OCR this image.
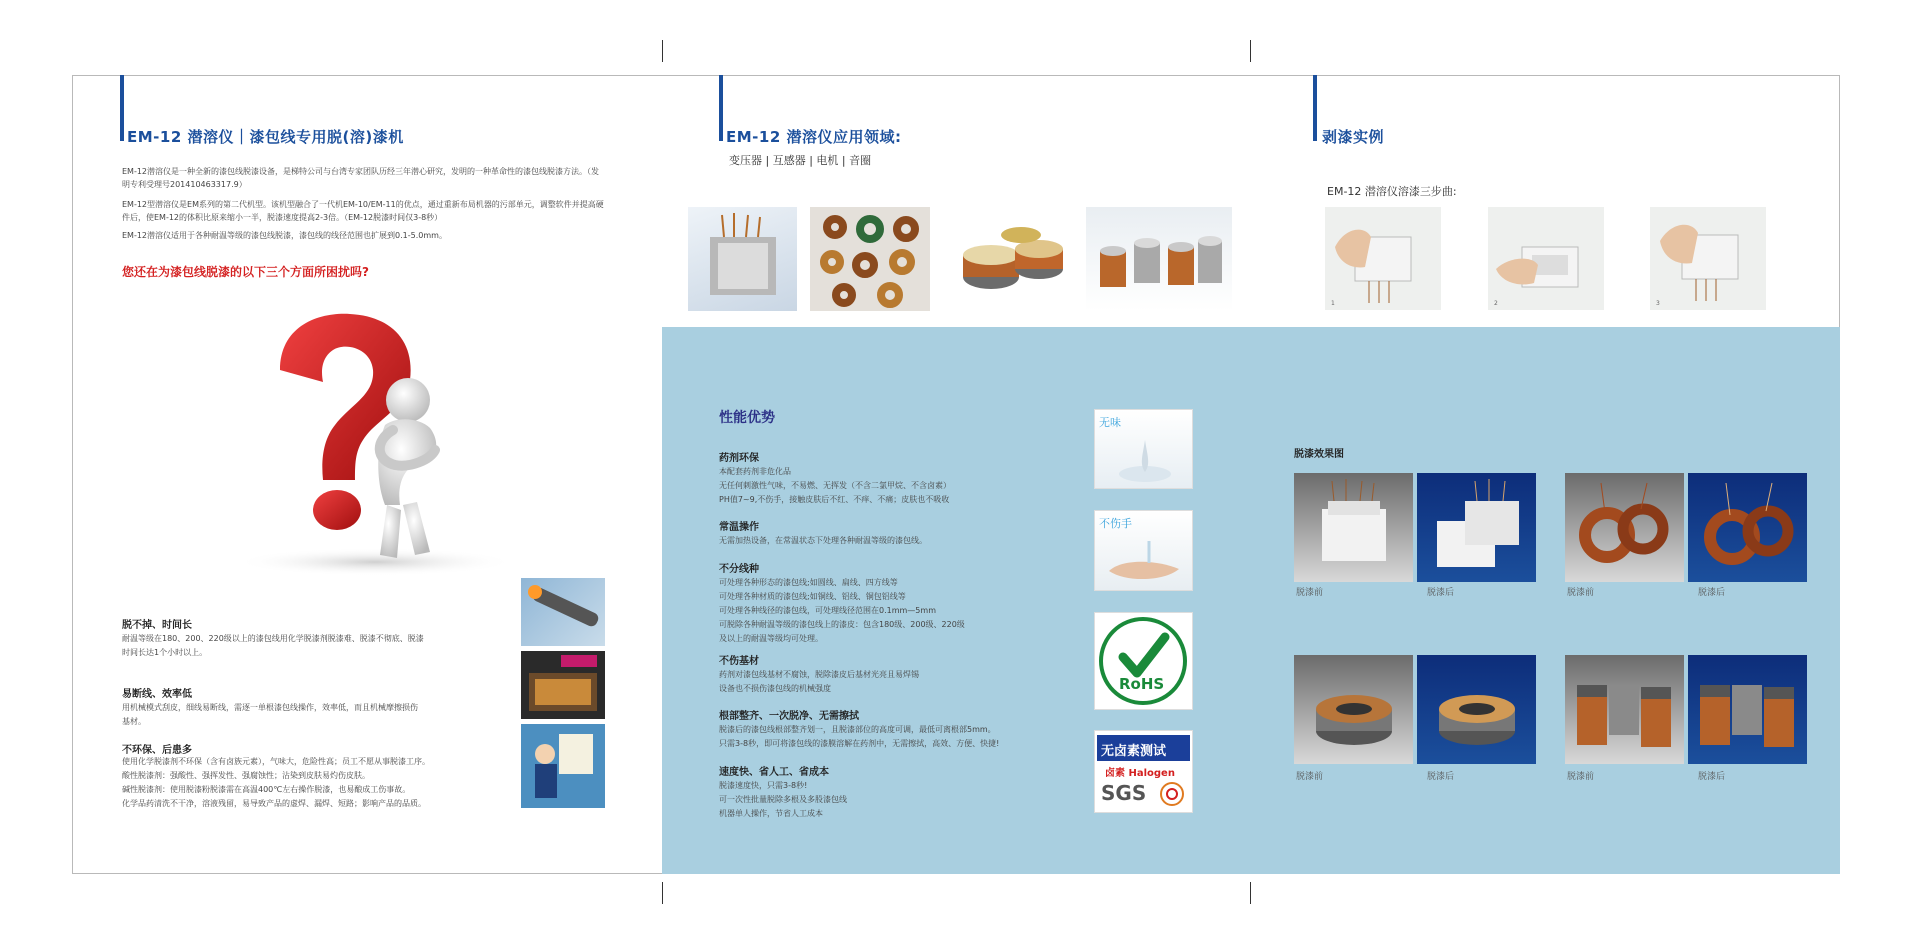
EM-12 潜溶仪｜漆包线专用脱(溶)漆机
EM-12潜溶仪是一种全新的漆包线脱漆设备，是梯特公司与台湾专家团队历经三年潜心研究，发明的一种革命性的漆包线脱漆方法。（发明专利受理号201410463317.9）
EM-12型潜溶仪是EM系列的第二代机型。该机型融合了一代机EM-10/EM-11的优点，通过重新布局机器的污部单元，调整软件并提高硬件后，使EM-12的体积比原来缩小一半，脱漆速度提高2-3倍。（EM-12脱漆时间仅3-8秒）
EM-12潜溶仪适用于各种耐温等级的漆包线脱漆，漆包线的线径范围也扩展到0.1-5.0mm。
您还在为漆包线脱漆的以下三个方面所困扰吗?
脱不掉、时间长
耐温等级在180、200、220级以上的漆包线用化学脱漆剂脱漆难、脱漆不彻底、脱漆
时间长达1个小时以上。
易断线、效率低
用机械模式刮皮，细线易断线，需逐一单根漆包线操作，效率低，而且机械摩擦损伤
基材。
不环保、后患多
使用化学脱漆剂不环保（含有卤族元素），气味大，危险性高；员工不愿从事脱漆工序。
酸性脱漆剂：强酸性、强挥发性、强腐蚀性；沾染到皮肤易灼伤皮肤。
碱性脱漆剂：使用脱漆粉脱漆需在高温400℃左右操作脱漆，也易酿成工伤事故。
化学品药清洗不干净，溶液残留，易导致产品的虚焊、漏焊、短路；影响产品的品质。
EM-12 潜溶仪应用领域:
变压器 | 互感器 | 电机 | 音圈
剥漆实例
EM-12 潜溶仪溶漆三步曲:
1	2	3
性能优势
药剂环保
本配套药剂非危化品
无任何刺激性气味，不易燃、无挥发（不含二氯甲烷、不含卤素）
PH值7~9,不伤手，接触皮肤后不红、不痒、不痛；皮肤也不吸收
常温操作
无需加热设备，在常温状态下处理各种耐温等级的漆包线。
不分线种
可处理各种形态的漆包线;如圆线、扁线、四方线等
可处理各种材质的漆包线;如铜线、铝线、铜包铝线等
可处理各种线径的漆包线，可处理线径范围在0.1mm—5mm
可脱除各种耐温等级的漆包线上的漆皮：包含180级、200级、220级
及以上的耐温等级均可处理。
不伤基材
药剂对漆包线基材不腐蚀，脱除漆皮后基材光亮且易焊锡
设备也不损伤漆包线的机械强度
根部整齐、一次脱净、无需擦拭
脱漆后的漆包线根部整齐划一，且脱漆部位的高度可调，最低可离根部5mm。
只需3-8秒，即可将漆包线的漆膜溶解在药剂中，无需擦拭，高效、方便、快捷!
速度快、省人工、省成本
脱漆速度快，只需3-8秒!
可一次性批量脱除多根及多股漆包线
机器单人操作，节省人工成本
无味
不伤手
RoHS
无卤素测试
卤素 Halogen
SGS
脱漆效果图
脱漆前	脱漆后	脱漆前	脱漆后
脱漆前	脱漆后	脱漆前	脱漆后
